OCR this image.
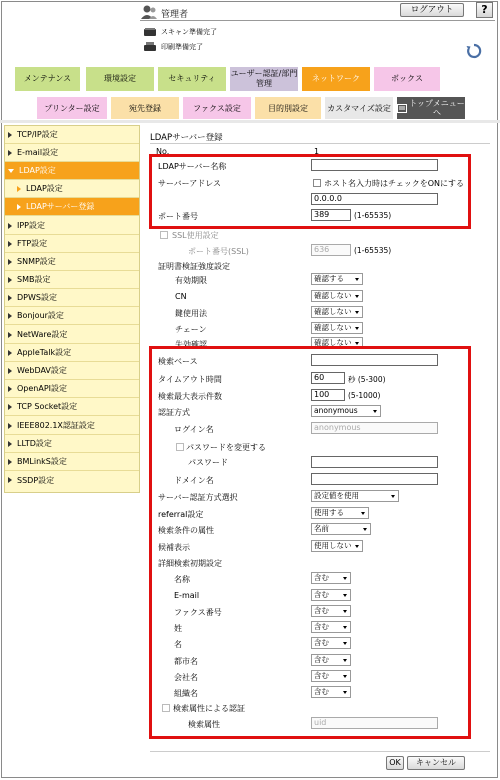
管理者	ログアウト	?
スキャン準備完了
印刷準備完了
メンテナンス	環境設定	セキュリティ
ユーザー認証/部門管理
ネットワーク	ボックス
プリンター設定	宛先登録	ファクス設定	目的別設定 カスタマイズ設定 トップメニューへ
TCP/IP設定
E-mail設定
LDAP設定
LDAP設定
LDAPサーバー登録
IPP設定
FTP設定
SNMP設定
SMB設定
DPWS設定
Bonjour設定
NetWare設定
AppleTalk設定
WebDAV設定
OpenAPI設定
TCP Socket設定
IEEE802.1X認証設定
LLTD設定
BMLinkS設定
SSDP設定
LDAPサーバー登録
No.	1
LDAPサーバー名称
サーバーアドレス	ホスト名入力時はチェックをONにする
0.0.0.0
ポート番号	389	(1-65535)
SSL使用設定
ポート番号(SSL)	636	(1-65535)
証明書検証強度設定
有効期限	確認する
CN	確認しない
鍵使用法	確認しない
チェーン	確認しない
失効確認	確認しない
検索ベース
タイムアウト時間	60	秒 (5-300)
検索最大表示件数	100	(5-1000)
認証方式	anonymous
ログイン名	anonymous
パスワードを変更する
パスワード
ドメイン名
サーバー認証方式選択	設定値を使用
referral設定	使用する
検索条件の属性	名前
候補表示	使用しない
詳細検索初期設定
名称	含む
E-mail	含む
ファクス番号	含む
姓	含む
名	含む
都市名	含む
会社名	含む
組織名	含む
検索属性による認証
検索属性	uid
OK	キャンセル
